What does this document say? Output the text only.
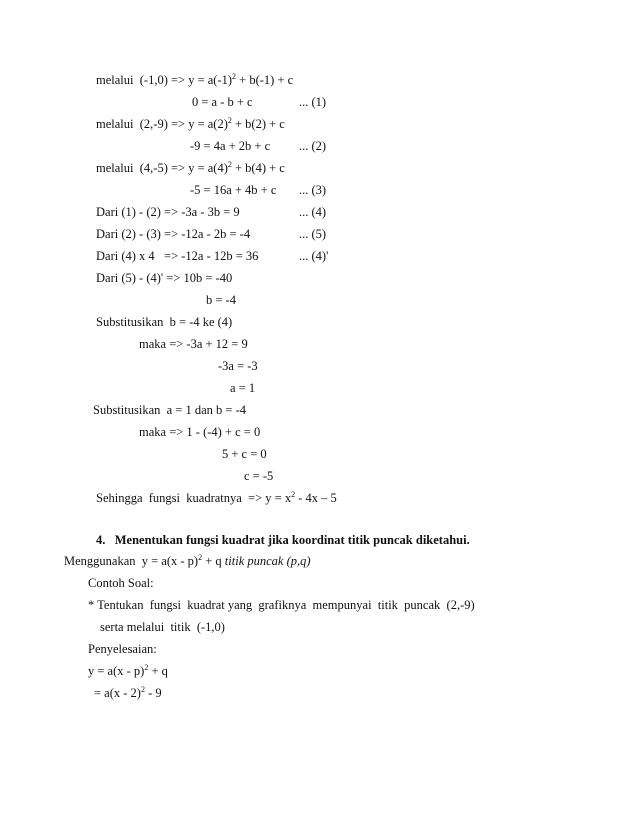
melalui  $(-1,0) => y = a(-1)^2 + b(-1) + c$
0 = a - b + c	... (1)
melalui  $(2,-9) => y = a(2)^2 + b(2) + c$
-9 = 4a + 2b + c ... (2)
melalui  $(4,-5) => y = a(4)^2 + b(4) + c$
-5 = 16a + 4b + c ... (3)
Dari (1) - (2) => -3a - 3b = 9	... (4)
Dari (2) - (3) => -12a - 2b = -4	... (5)
Dari (4) x 4   => -12a - 12b = 36	... (4)'
Dari (5) - (4)' => 10b = -40
b = -4
Substitusikan  b = -4 ke (4)
maka => -3a + 12 = 9
-3a = -3
a = 1
Substitusikan  a = 1 dan b = -4
maka => 1 - (-4) + c = 0
5 + c = 0
c = -5
Sehingga  fungsi  kuadratnya  => $y = x^2 - 4x - 5$
4.   Menentukan fungsi kuadrat jika koordinat titik puncak diketahui.
Menggunakan  y = a(x - p)$^2$ + q titik puncak (p,q)
Contoh Soal:
* Tentukan  fungsi  kuadrat yang  grafiknya  mempunyai  titik  puncak  (2,-9)
serta melalui  titik  (-1,0)
Penyelesaian:
y = a(x - p)$^2$ + q
= a(x - 2)$^2$ - 9
